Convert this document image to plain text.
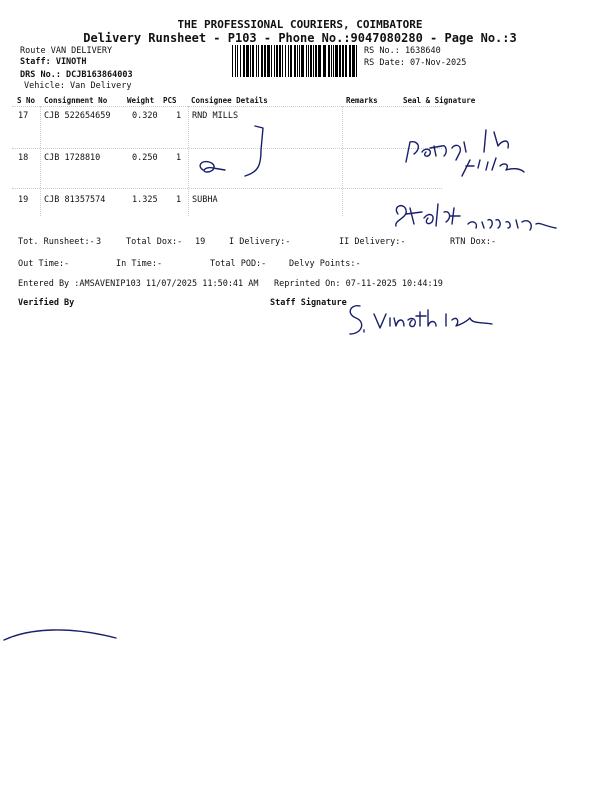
THE PROFESSIONAL COURIERS, COIMBATORE
Delivery Runsheet - P103 - Phone No.:9047080280 - Page No.:3
Route VAN DELIVERY
Staff: VINOTH
DRS No.: DCJB163864003
Vehicle: Van Delivery
RS No.: 1638640
RS Date: 07-Nov-2025
S No Consignment No	Weight PCS Consignee Details	Remarks	Seal & Signature
17 CJB 522654659	0.320 1 RND MILLS
18 CJB 1728810	0.250 1
19 CJB 81357574	1.325 1 SUBHA
Tot. Runsheet:- 3	Total Dox:- 19	I Delivery:-	II Delivery:-	RTN Dox:-
Out Time:-	In Time:-	Total POD:-	Delvy Points:-
Entered By :AMSAVENIP103 11/07/2025 11:50:41 AM Reprinted On: 07-11-2025 10:44:19
Verified By	Staff Signature
